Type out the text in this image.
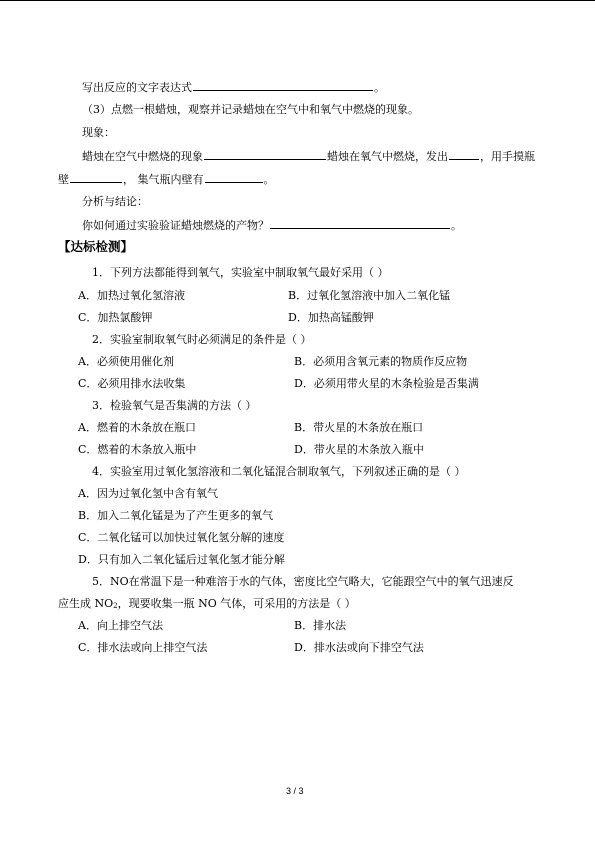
写出反应的文字表达式	。
（3）点燃一根蜡烛，观察并记录蜡烛在空气中和氧气中燃烧的现象。
现象：
蜡烛在空气中燃烧的现象	蜡烛在氧气中燃烧，发出	，用手摸瓶
壁	， 集气瓶内壁有	。
分析与结论：
你如何通过实验验证蜡烛燃烧的产物？	。
【达标检测】
1．下列方法都能得到氧气，实验室中制取氧气最好采用（ ）
A．加热过氧化氢溶液	B．过氧化氢溶液中加入二氧化锰
C．加热氯酸钾	D．加热高锰酸钾
2．实验室制取氧气时必须满足的条件是（ ）
A．必须使用催化剂	B．必须用含氧元素的物质作反应物
C．必须用排水法收集	D．必须用带火星的木条检验是否集满
3．检验氧气是否集满的方法（ ）
A．燃着的木条放在瓶口	B．带火星的木条放在瓶口
C．燃着的木条放入瓶中	D．带火星的木条放入瓶中
4．实验室用过氧化氢溶液和二氧化锰混合制取氧气，下列叙述正确的是（ ）
A．因为过氧化氢中含有氧气
B．加入二氧化锰是为了产生更多的氧气
C．二氧化锰可以加快过氧化氢分解的速度
D．只有加入二氧化锰后过氧化氢才能分解
5．NO在常温下是一种难溶于水的气体，密度比空气略大，它能跟空气中的氧气迅速反
应生成 NO2，现要收集一瓶 NO 气体，可采用的方法是（ ）
A．向上排空气法	B．排水法
C．排水法或向上排空气法	D．排水法或向下排空气法
3 / 3
